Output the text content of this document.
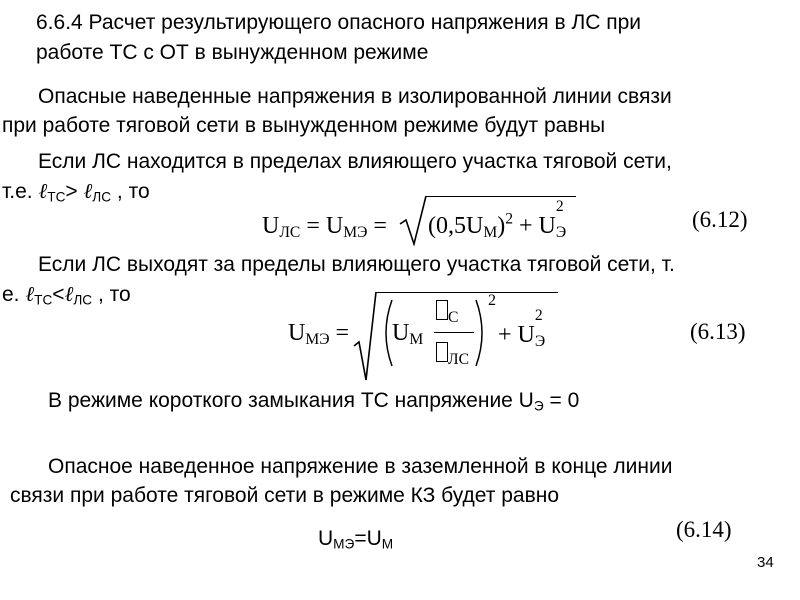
6.6.4 Расчет результирующего опасного напряжения в ЛС при
работе ТС с ОТ в вынужденном режиме
Опасные наведенные напряжения в изолированной линии связи
при работе тяговой сети в вынужденном режиме будут равны
Если ЛС находится в пределах влияющего участка тяговой сети,
т.е. ℓ$_{ТС}$> ℓ$_{ЛС}$ , то
$U_{ЛС} = U_{МЭ} = (0,5U_М)^2 + U$
2
$_Э$
(6.12)
Если ЛС выходят за пределы влияющего участка тяговой сети, т.
е. ℓ$_{ТС}$<ℓ$_{ЛС}$ , то
$U_{МЭ} = U_М$
$_С$
$_{ЛС}$
2
+ U
2
$_Э$	(6.13)
В режиме короткого замыкания ТС напряжение $U_Э = 0$
Опасное наведенное напряжение в заземленной в конце линии
связи при работе тяговой сети в режиме КЗ будет равно
$U_{МЭ}=U_М$
(6.14)
34
